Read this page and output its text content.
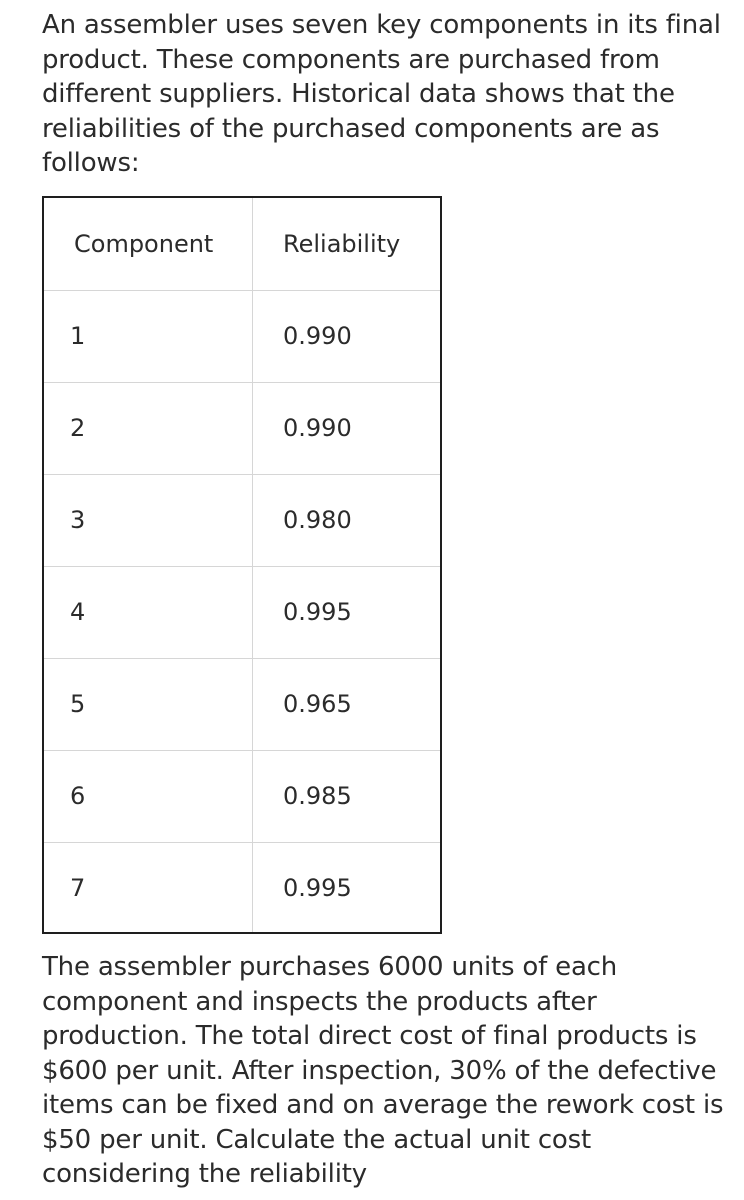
An assembler uses seven key components in its final
product. These components are purchased from
different suppliers. Historical data shows that the
reliabilities of the purchased components are as
follows:
Component	Reliability
1	0.990
2	0.990
3	0.980
4	0.995
5	0.965
6	0.985
7	0.995
The assembler purchases 6000 units of each
component and inspects the products after
production. The total direct cost of final products is
$600 per unit. After inspection, 30% of the defective
items can be fixed and on average the rework cost is
$50 per unit. Calculate the actual unit cost
considering the reliability
